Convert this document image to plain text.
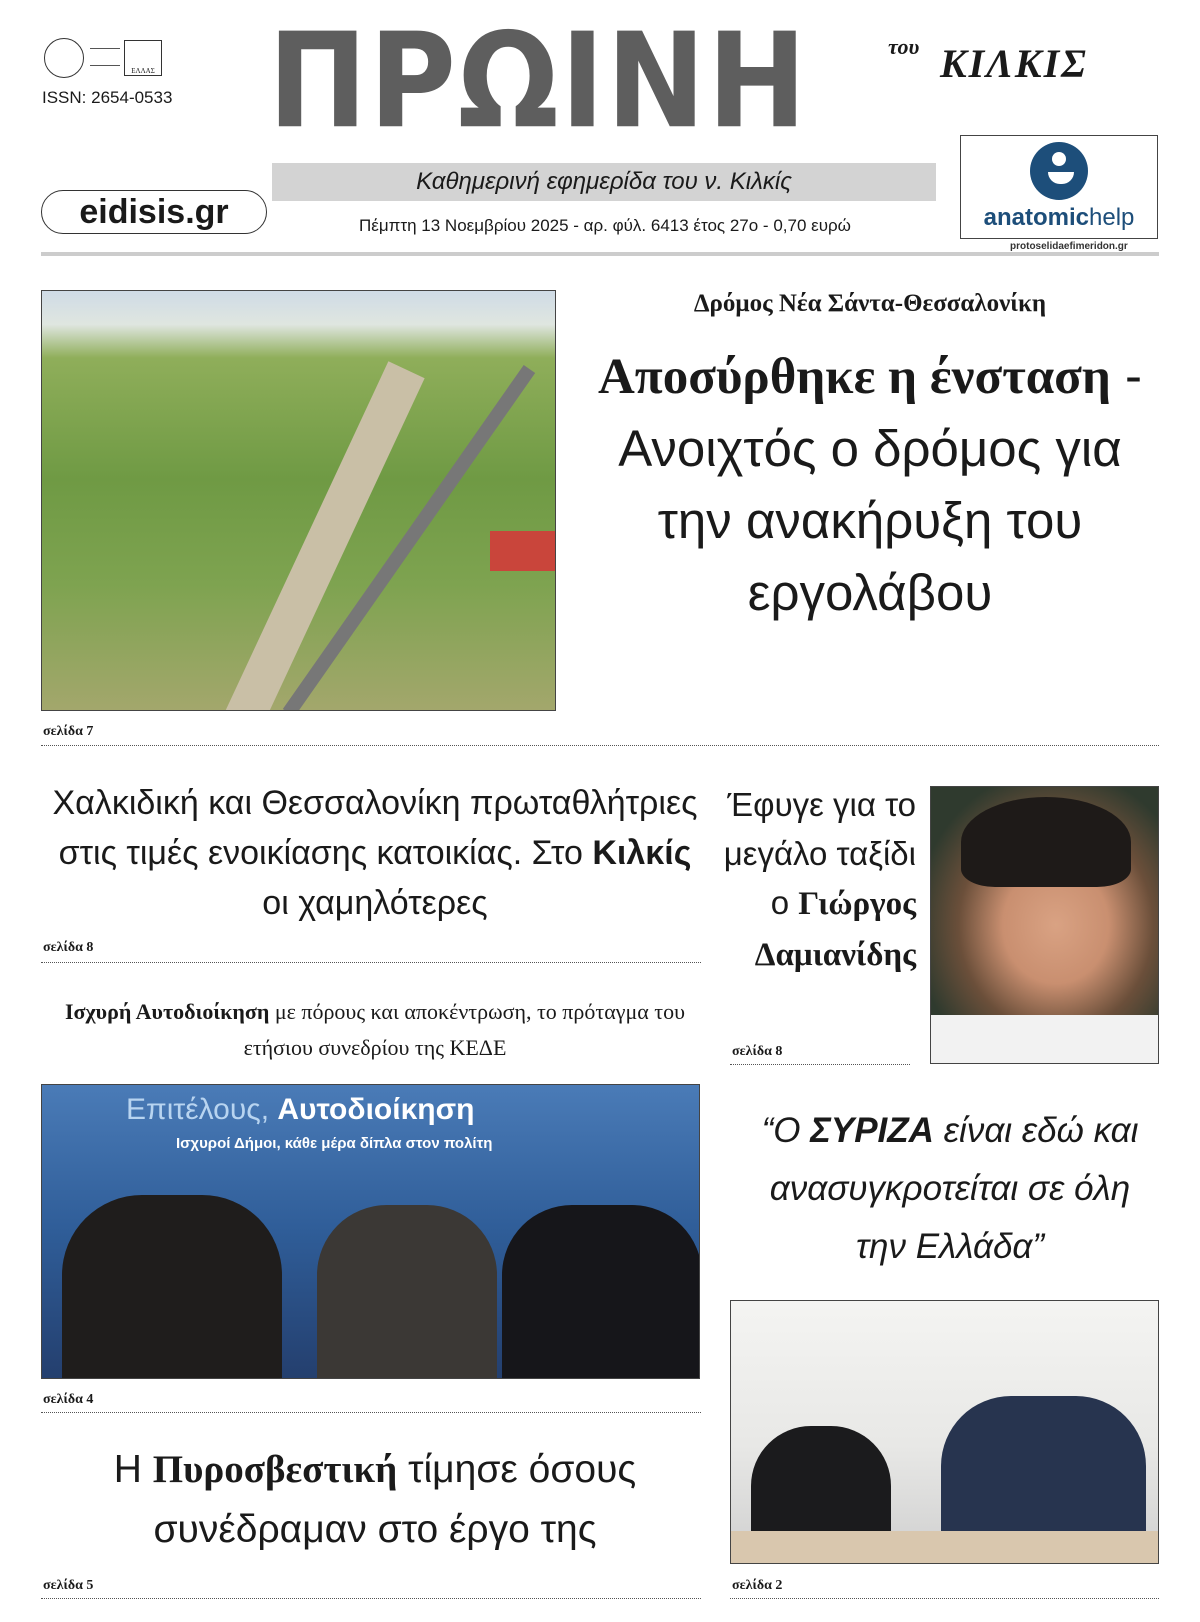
ΕΛΛΑΣ
ISSN: 2654-0533 ΠΡΩΙΝΗ	του ΚΙΛΚΙΣ
Καθημερινή εφημερίδα του ν. Κιλκίς
eidisis.gr	Πέμπτη 13 Νοεμβρίου 2025 - αρ. φύλ. 6413 έτος 27ο - 0,70 ευρώ	anatomichelp
protoselidaefimeridon.gr
σελίδα 7
Δρόμος Νέα Σάντα-Θεσσαλονίκη
Αποσύρθηκε η ένσταση - Ανοιχτός ο δρόμος για την ανακήρυξη του εργολάβου
Χαλκιδική και Θεσσαλονίκη πρωταθλήτριες στις τιμές ενοικίασης κατοικίας. Στο Κιλκίς οι χαμηλότερες
σελίδα 8
Έφυγε για το μεγάλο ταξίδι ο Γιώργος Δαμιανίδης
σελίδα 8
Ισχυρή Αυτοδιοίκηση με πόρους και αποκέντρωση, το πρόταγμα του ετήσιου συνεδρίου της ΚΕΔΕ
Επιτέλους, Αυτοδιοίκηση
Ισχυροί Δήμοι, κάθε μέρα δίπλα στον πολίτη
σελίδα 4
“Ο ΣΥΡΙΖΑ είναι εδώ και ανασυγκροτείται σε όλη την Ελλάδα”
σελίδα 2
Η Πυροσβεστική τίμησε όσους συνέδραμαν στο έργο της
σελίδα 5
